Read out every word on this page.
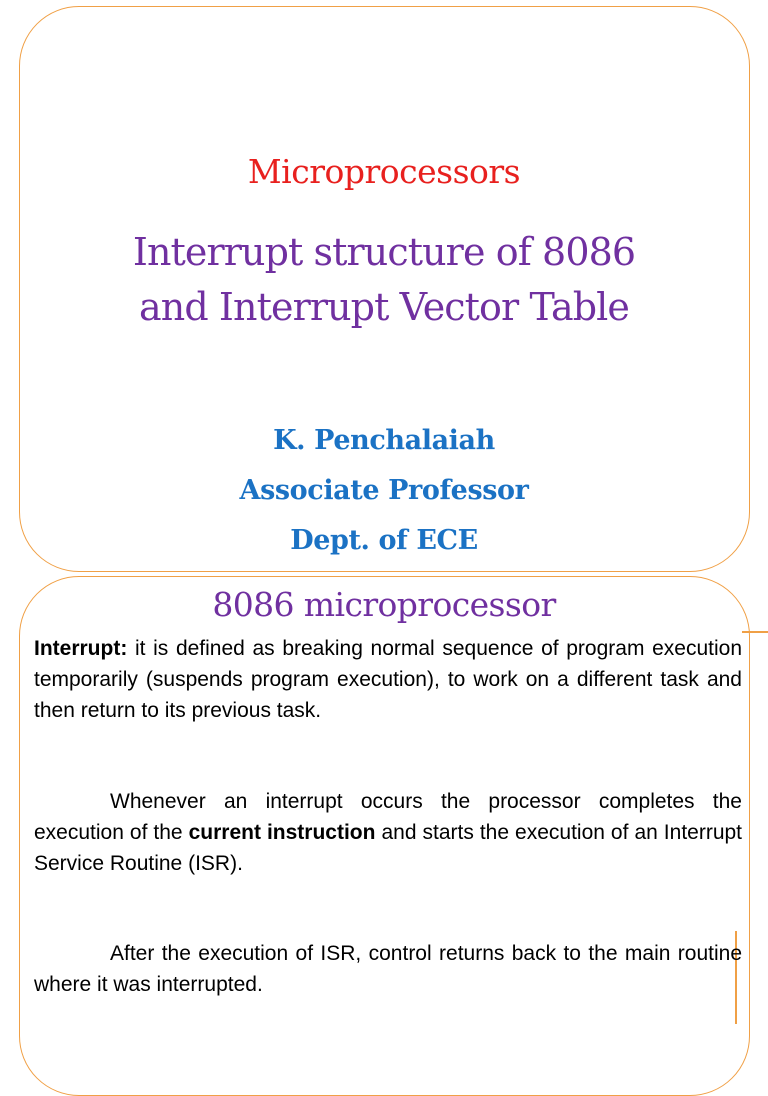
Microprocessors
Interrupt structure of 8086
and Interrupt Vector Table
K. Penchalaiah
Associate Professor
Dept. of ECE
8086 microprocessor

Interrupt: it is defined as breaking normal sequence of program execution temporarily (suspends program execution), to work on a different task and then return to its previous task.

Whenever an interrupt occurs the processor completes the execution of the current instruction and starts the execution of an Interrupt Service Routine (ISR).

After the execution of ISR, control returns back to the main routine where it was interrupted.
